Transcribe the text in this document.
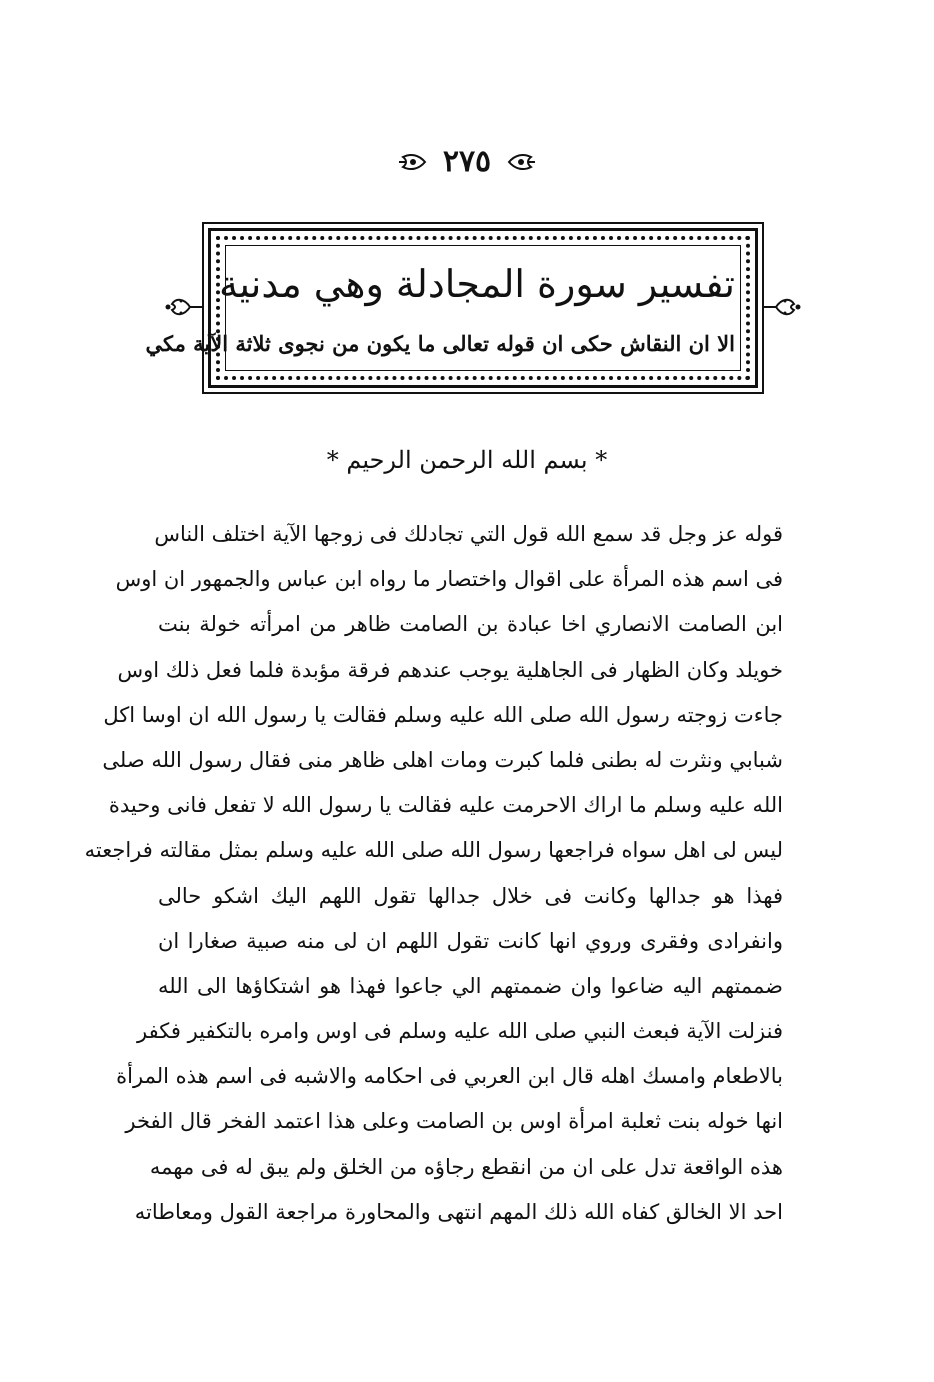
٢٧٥
تفسير سورة المجادلة وهي مدنية
الا ان النقاش حكى ان قوله تعالى ما يكون من نجوى ثلاثة الآية مكي
* بسم الله الرحمن الرحيم *
قوله عز وجل قد سمع الله قول التي تجادلك فى زوجها الآية اختلف الناس
فى اسم هذه المرأة على اقوال واختصار ما رواه ابن عباس والجمهور ان اوس
ابن الصامت الانصاري اخا عبادة بن الصامت ظاهر من امرأته خولة بنت
خويلد وكان الظهار فى الجاهلية يوجب عندهم فرقة مؤبدة فلما فعل ذلك اوس
جاءت زوجته رسول الله صلى الله عليه وسلم فقالت يا رسول الله ان اوسا اكل
شبابي ونثرت له بطنى فلما كبرت ومات اهلى ظاهر منى فقال رسول الله صلى
الله عليه وسلم ما اراك الاحرمت عليه فقالت يا رسول الله لا تفعل فانى وحيدة
ليس لى اهل سواه فراجعها رسول الله صلى الله عليه وسلم بمثل مقالته فراجعته
فهذا هو جدالها وكانت فى خلال جدالها تقول اللهم اليك اشكو حالى
وانفرادى وفقرى وروي انها كانت تقول اللهم ان لى منه صبية صغارا ان
ضممتهم اليه ضاعوا وان ضممتهم الي جاعوا فهذا هو اشتكاؤها الى الله
فنزلت الآية فبعث النبي صلى الله عليه وسلم فى اوس وامره بالتكفير فكفر
بالاطعام وامسك اهله قال ابن العربي فى احكامه والاشبه فى اسم هذه المرأة
انها خوله بنت ثعلبة امرأة اوس بن الصامت وعلى هذا اعتمد الفخر قال الفخر
هذه الواقعة تدل على ان من انقطع رجاؤه من الخلق ولم يبق له فى مهمه
احد الا الخالق كفاه الله ذلك المهم انتهى والمحاورة مراجعة القول ومعاطاته
